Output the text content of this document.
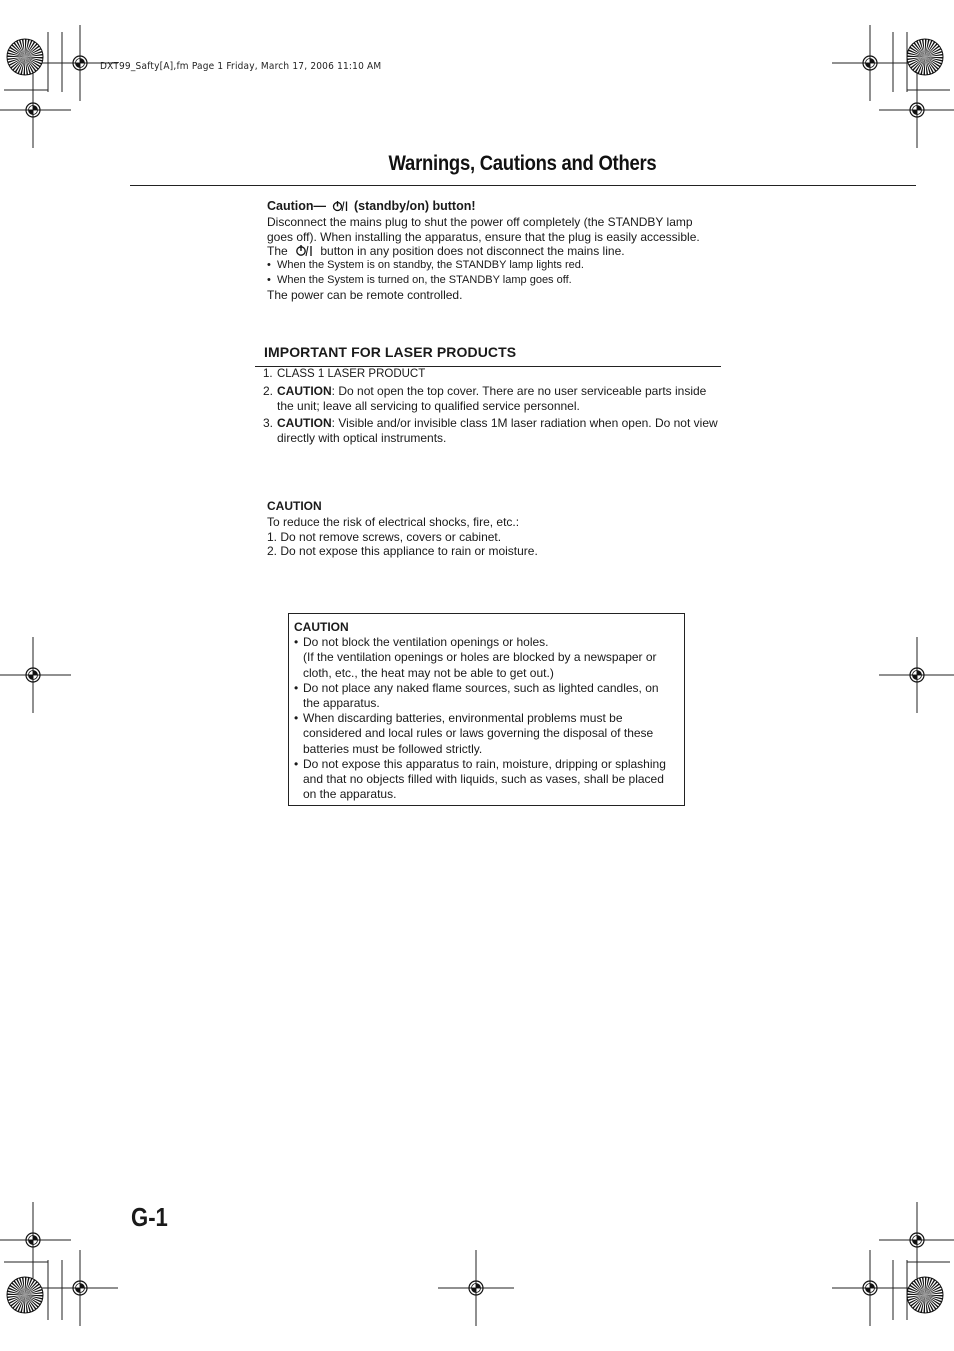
DXT99_Safty[A],fm Page 1 Friday, March 17, 2006 11:10 AM
Warnings, Cautions and Others
Caution— (standby/on) button!

Disconnect the mains plug to shut the power off completely (the STANDBY lamp goes off). When installing the apparatus, ensure that the plug is easily accessible. The	button in any position does not disconnect the mains line.

• When the System is on standby, the STANDBY lamp lights red.
• When the System is turned on, the STANDBY lamp goes off.

The power can be remote controlled.

IMPORTANT FOR LASER PRODUCTS
1. CLASS 1 LASER PRODUCT
2. CAUTION: Do not open the top cover. There are no user serviceable parts inside the unit; leave all servicing to qualified service personnel.
3. CAUTION: Visible and/or invisible class 1M laser radiation when open. Do not view directly with optical instruments.
CAUTION
To reduce the risk of electrical shocks, fire, etc.:
1. Do not remove screws, covers or cabinet.
2. Do not expose this appliance to rain or moisture.
CAUTION
• Do not block the ventilation openings or holes.
(If the ventilation openings or holes are blocked by a newspaper or cloth, etc., the heat may not be able to get out.)
• Do not place any naked flame sources, such as lighted candles, on the apparatus.
• When discarding batteries, environmental problems must be considered and local rules or laws governing the disposal of these batteries must be followed strictly.
• Do not expose this apparatus to rain, moisture, dripping or splashing and that no objects filled with liquids, such as vases, shall be placed on the apparatus.
G-1
